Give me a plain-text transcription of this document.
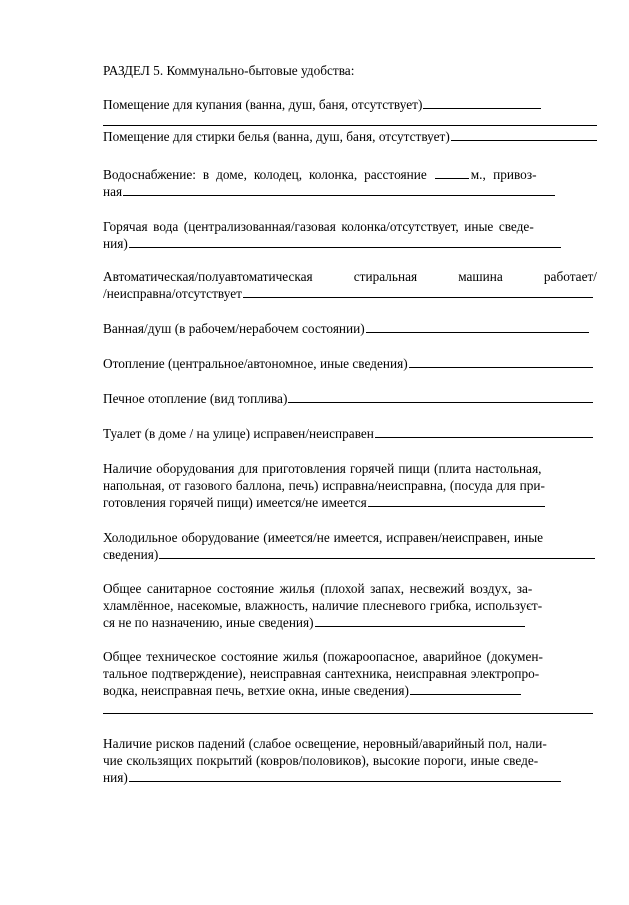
РАЗДЕЛ 5. Коммунально-бытовые удобства:
Помещение для купания (ванна, душ, баня, отсутствует)
Помещение для стирки белья (ванна, душ, баня, отсутствует)
Водоснабжение: в доме, колодец, колонка, расстояние	м., привоз-
ная
Горячая вода (централизованная/газовая колонка/отсутствует, иные сведе-
ния)
Автоматическая/полуавтоматическая	стиральная	машина	работает/
/неисправна/отсутствует
Ванная/душ (в рабочем/нерабочем состоянии)
Отопление (центральное/автономное, иные сведения)
Печное отопление (вид топлива)
Туалет (в доме / на улице) исправен/неисправен
Наличие оборудования для приготовления горячей пищи (плита настольная,
напольная, от газового баллона, печь) исправна/неисправна, (посуда для при-
готовления горячей пищи) имеется/не имеется
Холодильное оборудование (имеется/не имеется, исправен/неисправен, иные
сведения)
Общее санитарное состояние жилья (плохой запах, несвежий воздух, за-
хламлённое, насекомые, влажность, наличие плесневого грибка, используєт-
ся не по назначению, иные сведения)
Общее техническое состояние жилья (пожароопасное, аварийное (докумен-
тальное подтверждение), неисправная сантехника, неисправная электропро-
водка, неисправная печь, ветхие окна, иные сведения)
Наличие рисков падений (слабое освещение, неровный/аварийный пол, нали-
чие скользящих покрытий (ковров/половиков), высокие пороги, иные сведе-
ния)
